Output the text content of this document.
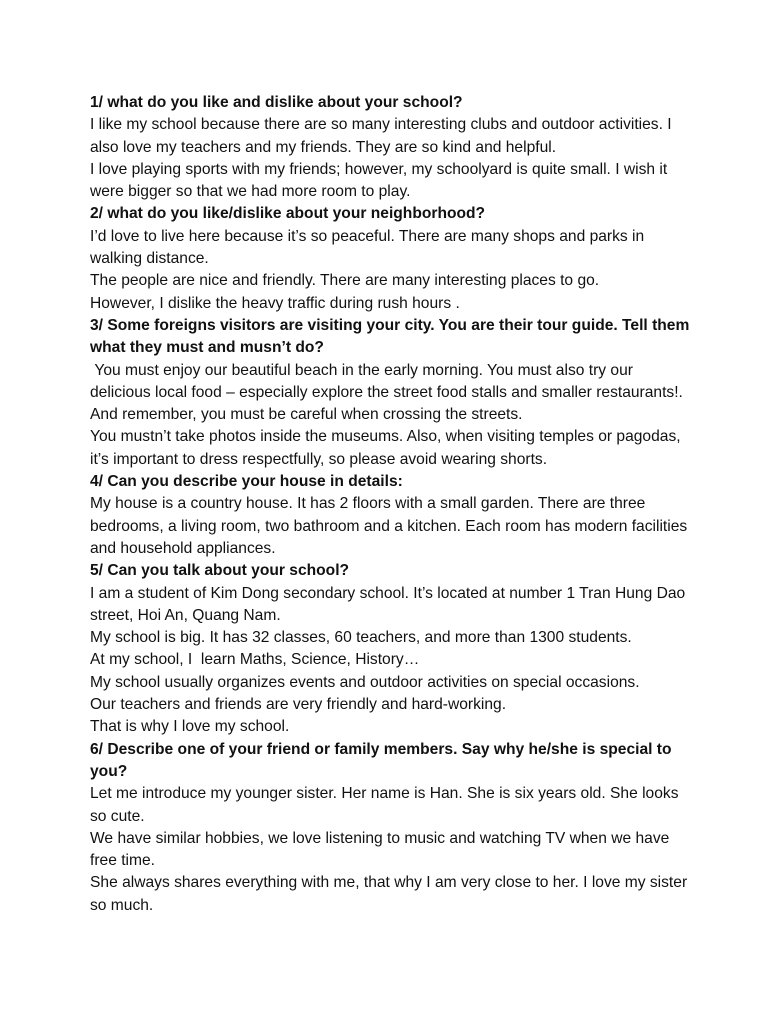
1/ what do you like and dislike about your school?

I like my school because there are so many interesting clubs and outdoor activities. I also love my teachers and my friends. They are so kind and helpful.

I love playing sports with my friends; however, my schoolyard is quite small. I wish it were bigger so that we had more room to play.

2/ what do you like/dislike about your neighborhood?

I’d love to live here because it’s so peaceful. There are many shops and parks in walking distance.

The people are nice and friendly. There are many interesting places to go.

However, I dislike the heavy traffic during rush hours .

3/ Some foreigns visitors are visiting your city. You are their tour guide. Tell them what they must and musn’t do?

You must enjoy our beautiful beach in the early morning. You must also try our delicious local food – especially explore the street food stalls and smaller restaurants!. And remember, you must be careful when crossing the streets.

You mustn’t take photos inside the museums. Also, when visiting temples or pagodas, it’s important to dress respectfully, so please avoid wearing shorts.

4/ Can you describe your house in details:

My house is a country house. It has 2 floors with a small garden. There are three bedrooms, a living room, two bathroom and a kitchen. Each room has modern facilities and household appliances.

5/ Can you talk about your school?

I am a student of Kim Dong secondary school. It’s located at number 1 Tran Hung Dao street, Hoi An, Quang Nam.

My school is big. It has 32 classes, 60 teachers, and more than 1300 students.

At my school, I  learn Maths, Science, History…

My school usually organizes events and outdoor activities on special occasions.

Our teachers and friends are very friendly and hard-working.

That is why I love my school.

6/ Describe one of your friend or family members. Say why he/she is special to you?

Let me introduce my younger sister. Her name is Han. She is six years old. She looks so cute.

We have similar hobbies, we love listening to music and watching TV when we have free time.

She always shares everything with me, that why I am very close to her. I love my sister so much.
